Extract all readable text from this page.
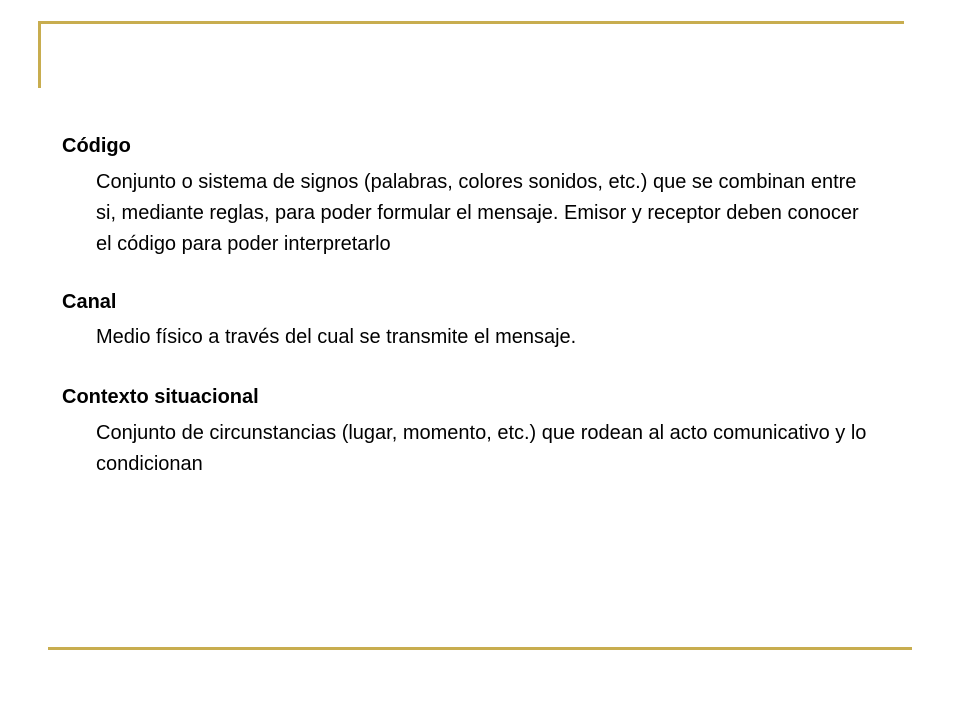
Código

Conjunto o sistema de signos (palabras, colores sonidos, etc.) que se combinan entre si, mediante reglas, para poder formular el mensaje. Emisor y receptor deben conocer el código para poder interpretarlo

Canal

Medio físico a través del cual se transmite el mensaje.

Contexto situacional

Conjunto de circunstancias (lugar, momento, etc.) que rodean al acto comunicativo y lo condicionan
